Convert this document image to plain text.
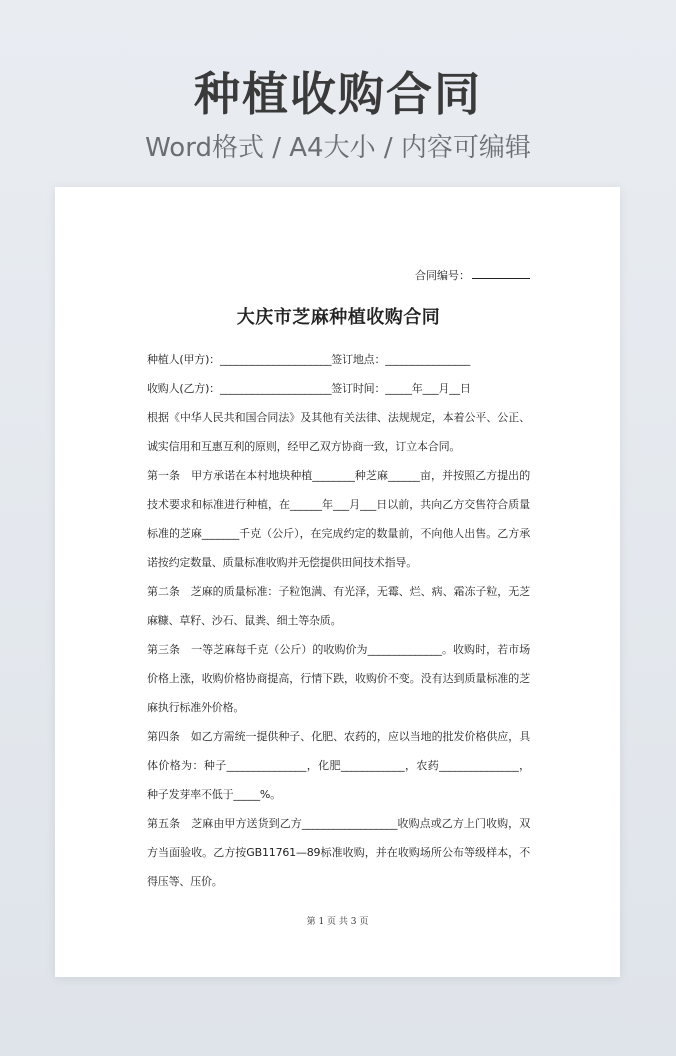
种植收购合同
Word格式 / A4大小 / 内容可编辑
合同编号：
大庆市芝麻种植收购合同
种植人(甲方)：_____________________签订地点：________________
收购人(乙方)：_____________________签订时间：_____年___月__日
根据《中华人民共和国合同法》及其他有关法律、法规规定，本着公平、公正、诚实信用和互惠互利的原则，经甲乙双方协商一致，订立本合同。
第一条　甲方承诺在本村地块种植________种芝麻______亩，并按照乙方提出的技术要求和标准进行种植，在______年___月___日以前，共向乙方交售符合质量标准的芝麻_______千克（公斤），在完成约定的数量前，不向他人出售。乙方承诺按约定数量、质量标准收购并无偿提供田间技术指导。
第二条　芝麻的质量标准：子粒饱满、有光泽，无霉、烂、病、霜冻子粒，无芝麻糠、草籽、沙石、鼠粪、细土等杂质。
第三条　一等芝麻每千克（公斤）的收购价为______________。收购时，若市场价格上涨，收购价格协商提高，行情下跌，收购价不变。没有达到质量标准的芝麻执行标准外价格。
第四条　如乙方需统一提供种子、化肥、农药的，应以当地的批发价格供应，具体价格为：种子_______________，化肥____________，农药_______________，种子发芽率不低于_____%。
第五条　芝麻由甲方送货到乙方__________________收购点或乙方上门收购，双方当面验收。乙方按GB11761—89标准收购，并在收购场所公布等级样本，不得压等、压价。
第 1 页 共 3 页
